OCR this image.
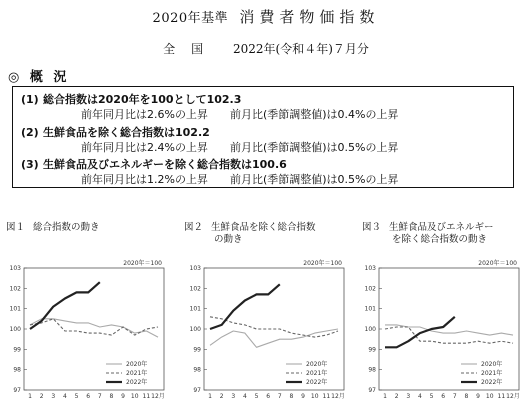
2020年基準 消費者物価指数
全国 2022年(令和４年)７月分
◎ 概 況
(1) 総合指数は2020年を100として102.3
前年同月比は2.6%の上昇 前月比(季節調整値)は0.4%の上昇
(2) 生鮮食品を除く総合指数は102.2
前年同月比は2.4%の上昇 前月比(季節調整値)は0.5%の上昇
(3) 生鮮食品及びエネルギーを除く総合指数は100.6
前年同月比は1.2%の上昇 前月比(季節調整値)は0.5%の上昇
図１ 総合指数の動き	図２ 生鮮食品を除く総合指数
の動き
図３ 生鮮食品及びエネルギー
を除く総合指数の動き
2020年＝100
97
98
99
100
101
102
103
1 2 3 4 5 6 7 8 9 10 11 12月
2020年
2021年
2022年
2020年＝100
97
98
99
100
101
102
103
1 2 3 4 5 6 7 8 9 10 11 12月
2020年
2021年
2022年
2020年＝100
97
98
99
100
101
102
103
1 2 3 4 5 6 7 8 9 10 11 12月
2020年
2021年
2022年
